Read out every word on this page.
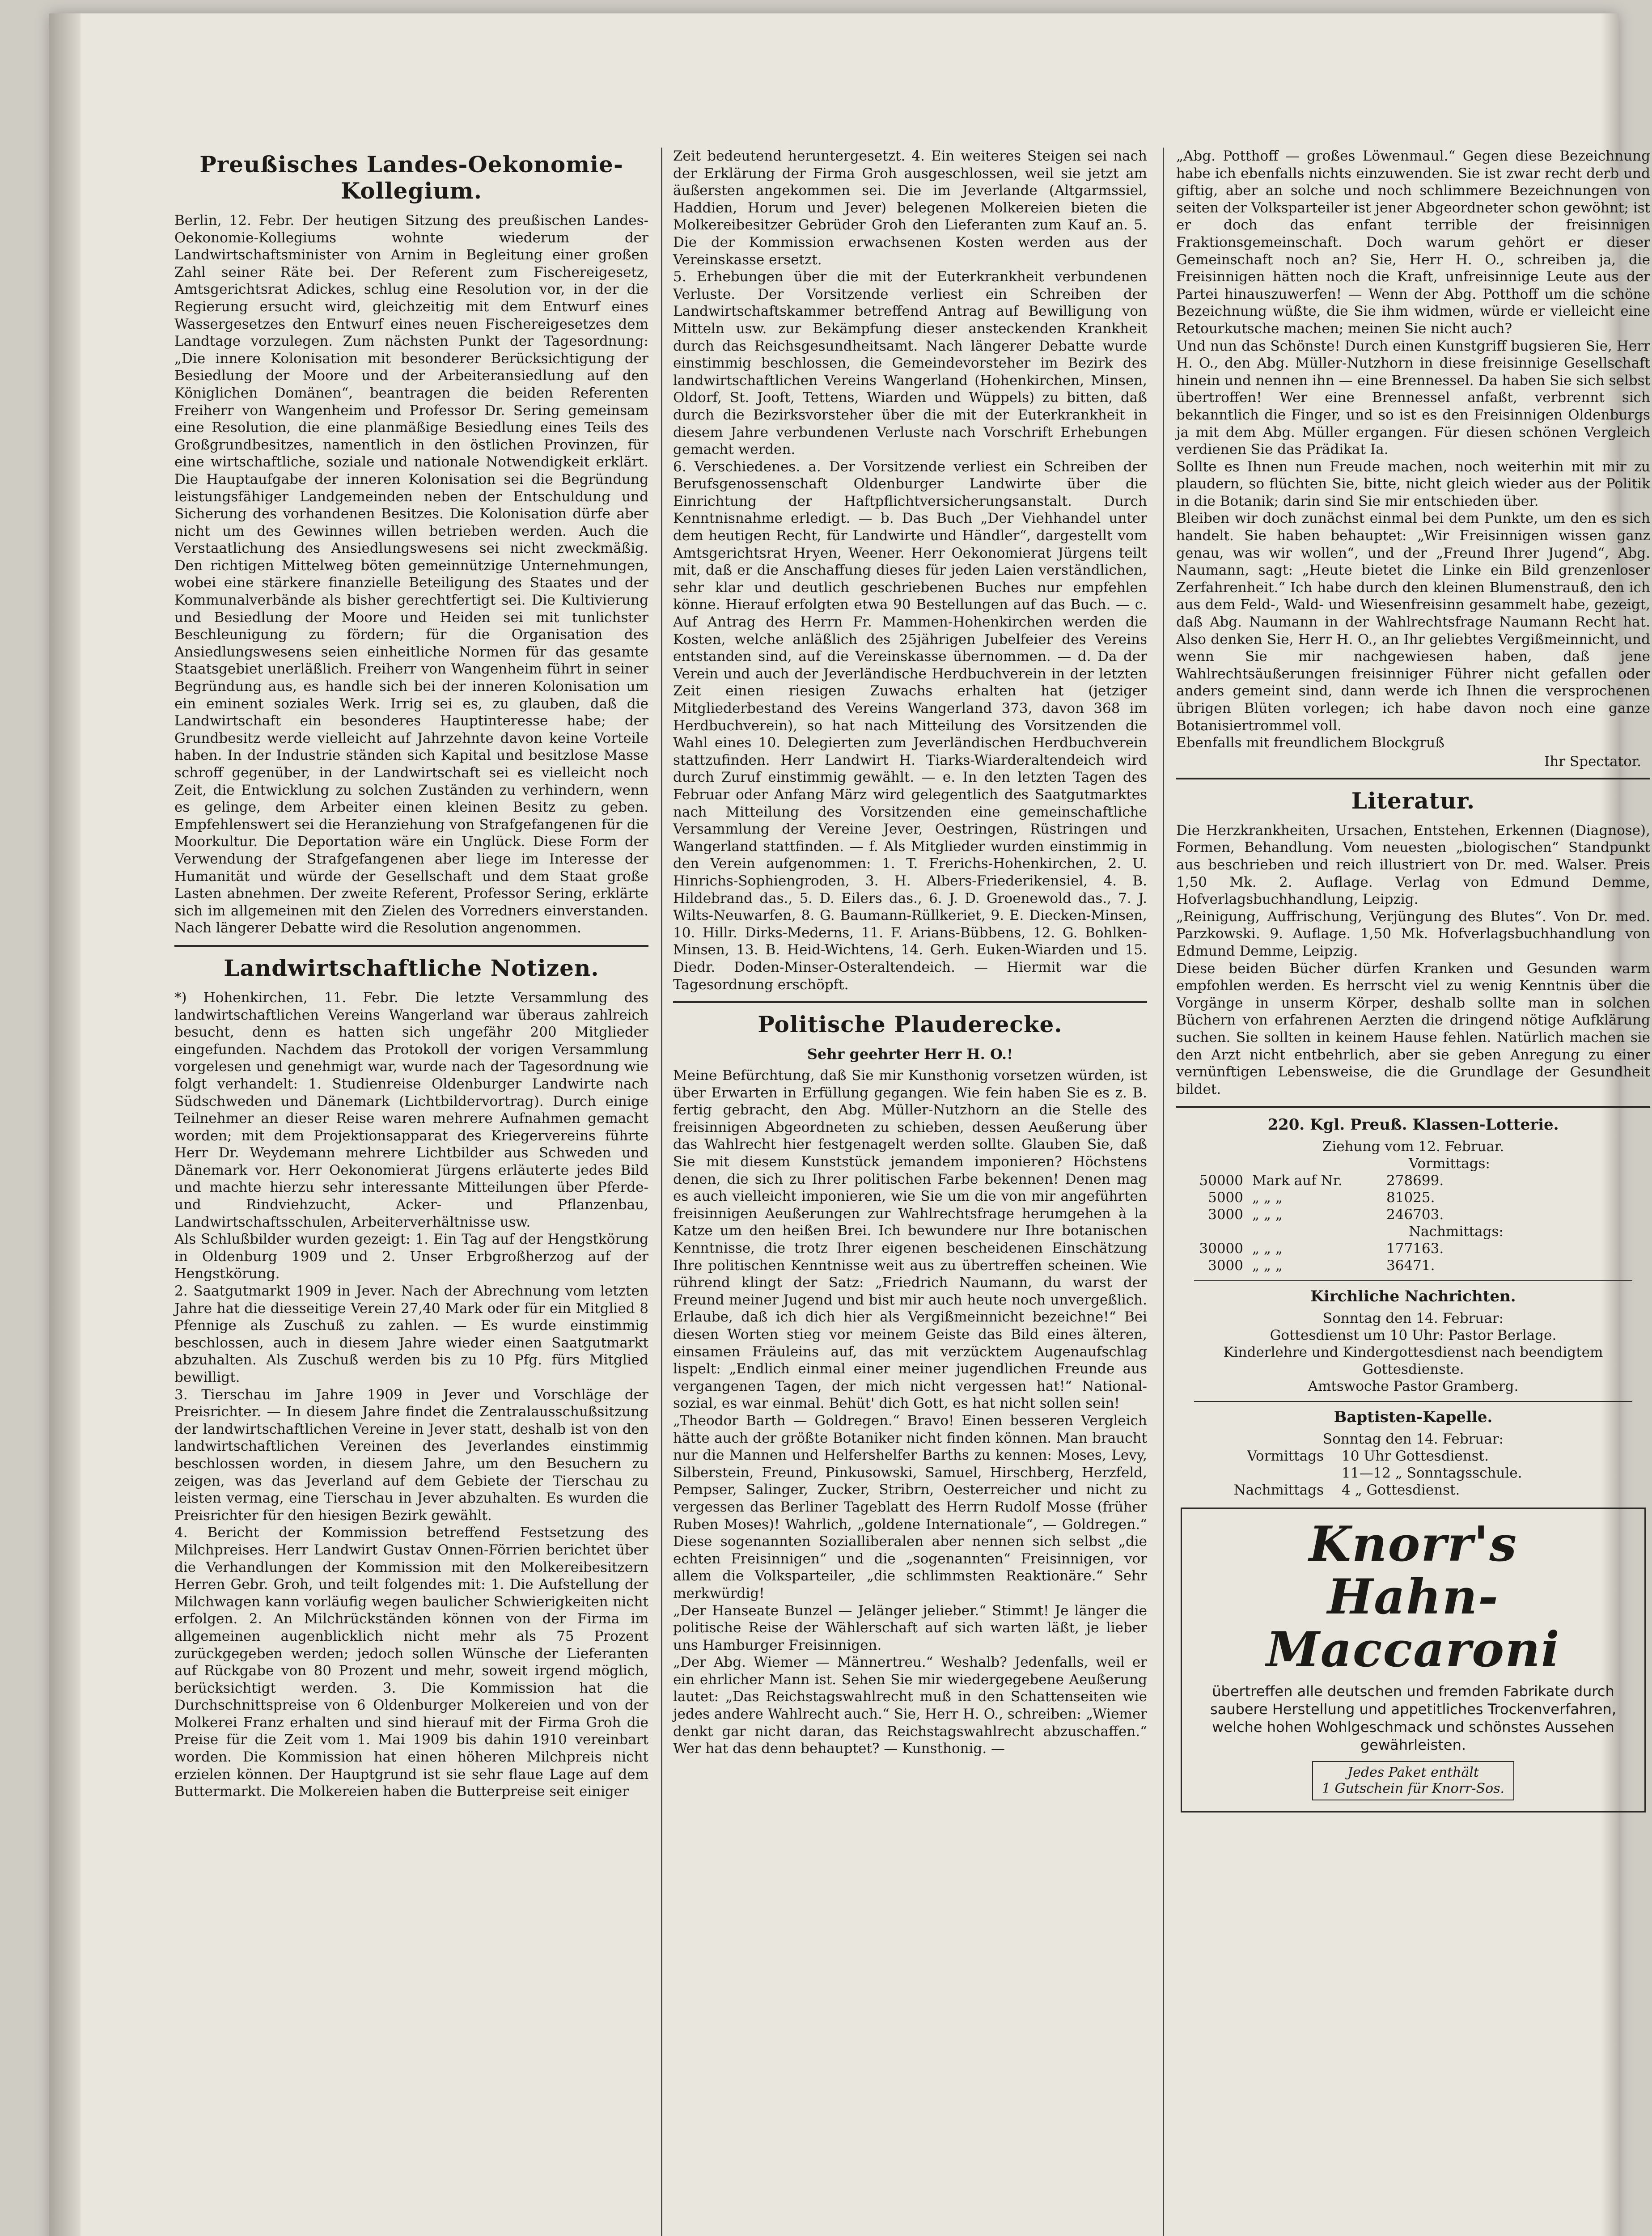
Preußisches Landes-Oekonomie-Kollegium.

Berlin, 12. Febr. Der heutigen Sitzung des preußischen Landes-Oekonomie-Kollegiums wohnte wiederum der Landwirtschaftsminister von Arnim in Begleitung einer großen Zahl seiner Räte bei. Der Referent zum Fischereigesetz, Amtsgerichtsrat Adickes, schlug eine Resolution vor, in der die Regierung ersucht wird, gleichzeitig mit dem Entwurf eines Wassergesetzes den Entwurf eines neuen Fischereigesetzes dem Landtage vorzulegen. Zum nächsten Punkt der Tagesordnung: „Die innere Kolonisation mit besonderer Berücksichtigung der Besiedlung der Moore und der Arbeiteransiedlung auf den Königlichen Domänen“, beantragen die beiden Referenten Freiherr von Wangenheim und Professor Dr. Sering gemeinsam eine Resolution, die eine planmäßige Besiedlung eines Teils des Großgrundbesitzes, namentlich in den östlichen Provinzen, für eine wirtschaftliche, soziale und nationale Notwendigkeit erklärt. Die Hauptaufgabe der inneren Kolonisation sei die Begründung leistungsfähiger Landgemeinden neben der Entschuldung und Sicherung des vorhandenen Besitzes. Die Kolonisation dürfe aber nicht um des Gewinnes willen betrieben werden. Auch die Verstaatlichung des Ansiedlungswesens sei nicht zweckmäßig. Den richtigen Mittelweg böten gemeinnützige Unternehmungen, wobei eine stärkere finanzielle Beteiligung des Staates und der Kommunalverbände als bisher gerechtfertigt sei. Die Kultivierung und Besiedlung der Moore und Heiden sei mit tunlichster Beschleunigung zu fördern; für die Organisation des Ansiedlungswesens seien einheitliche Normen für das gesamte Staatsgebiet unerläßlich. Freiherr von Wangenheim führt in seiner Begründung aus, es handle sich bei der inneren Kolonisation um ein eminent soziales Werk. Irrig sei es, zu glauben, daß die Landwirtschaft ein besonderes Hauptinteresse habe; der Grundbesitz werde vielleicht auf Jahrzehnte davon keine Vorteile haben. In der Industrie ständen sich Kapital und besitzlose Masse schroff gegenüber, in der Landwirtschaft sei es vielleicht noch Zeit, die Entwicklung zu solchen Zuständen zu verhindern, wenn es gelinge, dem Arbeiter einen kleinen Besitz zu geben. Empfehlenswert sei die Heranziehung von Strafgefangenen für die Moorkultur. Die Deportation wäre ein Unglück. Diese Form der Verwendung der Strafgefangenen aber liege im Interesse der Humanität und würde der Gesellschaft und dem Staat große Lasten abnehmen. Der zweite Referent, Professor Sering, erklärte sich im allgemeinen mit den Zielen des Vorredners einverstanden. Nach längerer Debatte wird die Resolution angenommen.

Landwirtschaftliche Notizen.

*) Hohenkirchen, 11. Febr. Die letzte Versammlung des landwirtschaftlichen Vereins Wangerland war überaus zahlreich besucht, denn es hatten sich ungefähr 200 Mitglieder eingefunden. Nachdem das Protokoll der vorigen Versammlung vorgelesen und genehmigt war, wurde nach der Tagesordnung wie folgt verhandelt: 1. Studienreise Oldenburger Landwirte nach Südschweden und Dänemark (Lichtbildervortrag). Durch einige Teilnehmer an dieser Reise waren mehrere Aufnahmen gemacht worden; mit dem Projektionsapparat des Kriegervereins führte Herr Dr. Weydemann mehrere Lichtbilder aus Schweden und Dänemark vor. Herr Oekonomierat Jürgens erläuterte jedes Bild und machte hierzu sehr interessante Mitteilungen über Pferde- und Rindviehzucht, Acker- und Pflanzenbau, Landwirtschaftsschulen, Arbeiterverhältnisse usw.
Als Schlußbilder wurden gezeigt: 1. Ein Tag auf der Hengstkörung in Oldenburg 1909 und 2. Unser Erbgroßherzog auf der Hengstkörung.
2. Saatgutmarkt 1909 in Jever. Nach der Abrechnung vom letzten Jahre hat die diesseitige Verein 27,40 Mark oder für ein Mitglied 8 Pfennige als Zuschuß zu zahlen. — Es wurde einstimmig beschlossen, auch in diesem Jahre wieder einen Saatgutmarkt abzuhalten. Als Zuschuß werden bis zu 10 Pfg. fürs Mitglied bewilligt.
3. Tierschau im Jahre 1909 in Jever und Vorschläge der Preisrichter. — In diesem Jahre findet die Zentralausschußsitzung der landwirtschaftlichen Vereine in Jever statt, deshalb ist von den landwirtschaftlichen Vereinen des Jeverlandes einstimmig beschlossen worden, in diesem Jahre, um den Besuchern zu zeigen, was das Jeverland auf dem Gebiete der Tierschau zu leisten vermag, eine Tierschau in Jever abzuhalten. Es wurden die Preisrichter für den hiesigen Bezirk gewählt.
4. Bericht der Kommission betreffend Festsetzung des Milchpreises. Herr Landwirt Gustav Onnen-Förrien berichtet über die Verhandlungen der Kommission mit den Molkereibesitzern Herren Gebr. Groh, und teilt folgendes mit: 1. Die Aufstellung der Milchwagen kann vorläufig wegen baulicher Schwierigkeiten nicht erfolgen. 2. An Milchrückständen können von der Firma im allgemeinen augenblicklich nicht mehr als 75 Prozent zurückgegeben werden; jedoch sollen Wünsche der Lieferanten auf Rückgabe von 80 Prozent und mehr, soweit irgend möglich, berücksichtigt werden. 3. Die Kommission hat die Durchschnittspreise von 6 Oldenburger Molkereien und von der Molkerei Franz erhalten und sind hierauf mit der Firma Groh die Preise für die Zeit vom 1. Mai 1909 bis dahin 1910 vereinbart worden. Die Kommission hat einen höheren Milchpreis nicht erzielen können. Der Hauptgrund ist sie sehr flaue Lage auf dem Buttermarkt. Die Molkereien haben die Butterpreise seit einiger

Zeit bedeutend heruntergesetzt. 4. Ein weiteres Steigen sei nach der Erklärung der Firma Groh ausgeschlossen, weil sie jetzt am äußersten angekommen sei. Die im Jeverlande (Altgarmssiel, Haddien, Horum und Jever) belegenen Molkereien bieten die Molkereibesitzer Gebrüder Groh den Lieferanten zum Kauf an. 5. Die der Kommission erwachsenen Kosten werden aus der Vereinskasse ersetzt.
5. Erhebungen über die mit der Euterkrankheit verbundenen Verluste. Der Vorsitzende verliest ein Schreiben der Landwirtschaftskammer betreffend Antrag auf Bewilligung von Mitteln usw. zur Bekämpfung dieser ansteckenden Krankheit durch das Reichsgesundheitsamt. Nach längerer Debatte wurde einstimmig beschlossen, die Gemeindevorsteher im Bezirk des landwirtschaftlichen Vereins Wangerland (Hohenkirchen, Minsen, Oldorf, St. Jooft, Tettens, Wiarden und Wüppels) zu bitten, daß durch die Bezirksvorsteher über die mit der Euterkrankheit in diesem Jahre verbundenen Verluste nach Vorschrift Erhebungen gemacht werden.
6. Verschiedenes. a. Der Vorsitzende verliest ein Schreiben der Berufsgenossenschaft Oldenburger Landwirte über die Einrichtung der Haftpflichtversicherungsanstalt. Durch Kenntnisnahme erledigt. — b. Das Buch „Der Viehhandel unter dem heutigen Recht, für Landwirte und Händler“, dargestellt vom Amtsgerichtsrat Hryen, Weener. Herr Oekonomierat Jürgens teilt mit, daß er die Anschaffung dieses für jeden Laien verständlichen, sehr klar und deutlich geschriebenen Buches nur empfehlen könne. Hierauf erfolgten etwa 90 Bestellungen auf das Buch. — c. Auf Antrag des Herrn Fr. Mammen-Hohenkirchen werden die Kosten, welche anläßlich des 25jährigen Jubelfeier des Vereins entstanden sind, auf die Vereinskasse übernommen. — d. Da der Verein und auch der Jeverländische Herdbuchverein in der letzten Zeit einen riesigen Zuwachs erhalten hat (jetziger Mitgliederbestand des Vereins Wangerland 373, davon 368 im Herdbuchverein), so hat nach Mitteilung des Vorsitzenden die Wahl eines 10. Delegierten zum Jeverländischen Herdbuchverein stattzufinden. Herr Landwirt H. Tiarks-Wiarderaltendeich wird durch Zuruf einstimmig gewählt. — e. In den letzten Tagen des Februar oder Anfang März wird gelegentlich des Saatgutmarktes nach Mitteilung des Vorsitzenden eine gemeinschaftliche Versammlung der Vereine Jever, Oestringen, Rüstringen und Wangerland stattfinden. — f. Als Mitglieder wurden einstimmig in den Verein aufgenommen: 1. T. Frerichs-Hohenkirchen, 2. U. Hinrichs-Sophiengroden, 3. H. Albers-Friederikensiel, 4. B. Hildebrand das., 5. D. Eilers das., 6. J. D. Groenewold das., 7. J. Wilts-Neuwarfen, 8. G. Baumann-Rüllkeriet, 9. E. Diecken-Minsen, 10. Hillr. Dirks-Mederns, 11. F. Arians-Bübbens, 12. G. Bohlken-Minsen, 13. B. Heid-Wichtens, 14. Gerh. Euken-Wiarden und 15. Diedr. Doden-Minser-Osteraltendeich. — Hiermit war die Tagesordnung erschöpft.

Politische Plauderecke.
Sehr geehrter Herr H. O.!

Meine Befürchtung, daß Sie mir Kunsthonig vorsetzen würden, ist über Erwarten in Erfüllung gegangen. Wie fein haben Sie es z. B. fertig gebracht, den Abg. Müller-Nutzhorn an die Stelle des freisinnigen Abgeordneten zu schieben, dessen Aeußerung über das Wahlrecht hier festgenagelt werden sollte. Glauben Sie, daß Sie mit diesem Kunststück jemandem imponieren? Höchstens denen, die sich zu Ihrer politischen Farbe bekennen! Denen mag es auch vielleicht imponieren, wie Sie um die von mir angeführten freisinnigen Aeußerungen zur Wahlrechtsfrage herumgehen à la Katze um den heißen Brei. Ich bewundere nur Ihre botanischen Kenntnisse, die trotz Ihrer eigenen bescheidenen Einschätzung Ihre politischen Kenntnisse weit aus zu übertreffen scheinen. Wie rührend klingt der Satz: „Friedrich Naumann, du warst der Freund meiner Jugend und bist mir auch heute noch unvergeßlich. Erlaube, daß ich dich hier als Vergißmeinnicht bezeichne!“ Bei diesen Worten stieg vor meinem Geiste das Bild eines älteren, einsamen Fräuleins auf, das mit verzücktem Augenaufschlag lispelt: „Endlich einmal einer meiner jugendlichen Freunde aus vergangenen Tagen, der mich nicht vergessen hat!“ National-sozial, es war einmal. Behüt' dich Gott, es hat nicht sollen sein!
„Theodor Barth — Goldregen.“ Bravo! Einen besseren Vergleich hätte auch der größte Botaniker nicht finden können. Man braucht nur die Mannen und Helfershelfer Barths zu kennen: Moses, Levy, Silberstein, Freund, Pinkusowski, Samuel, Hirschberg, Herzfeld, Pempser, Salinger, Zucker, Stribrn, Oesterreicher und nicht zu vergessen das Berliner Tageblatt des Herrn Rudolf Mosse (früher Ruben Moses)! Wahrlich, „goldene Internationale“, — Goldregen.“ Diese sogenannten Sozialliberalen aber nennen sich selbst „die echten Freisinnigen“ und die „sogenannten“ Freisinnigen, vor allem die Volksparteiler, „die schlimmsten Reaktionäre.“ Sehr merkwürdig!
„Der Hanseate Bunzel — Jelänger jelieber.“ Stimmt! Je länger die politische Reise der Wählerschaft auf sich warten läßt, je lieber uns Hamburger Freisinnigen.
„Der Abg. Wiemer — Männertreu.“ Weshalb? Jedenfalls, weil er ein ehrlicher Mann ist. Sehen Sie mir wiedergegebene Aeußerung lautet: „Das Reichstagswahlrecht muß in den Schattenseiten wie jedes andere Wahlrecht auch.“ Sie, Herr H. O., schreiben: „Wiemer denkt gar nicht daran, das Reichstagswahlrecht abzuschaffen.“ Wer hat das denn behauptet? — Kunsthonig. —

„Abg. Potthoff — großes Löwenmaul.“ Gegen diese Bezeichnung habe ich ebenfalls nichts einzuwenden. Sie ist zwar recht derb und giftig, aber an solche und noch schlimmere Bezeichnungen von seiten der Volksparteiler ist jener Abgeordneter schon gewöhnt; ist er doch das enfant terrible der freisinnigen Fraktionsgemeinschaft. Doch warum gehört er dieser Gemeinschaft noch an? Sie, Herr H. O., schreiben ja, die Freisinnigen hätten noch die Kraft, unfreisinnige Leute aus der Partei hinauszuwerfen! — Wenn der Abg. Potthoff um die schöne Bezeichnung wüßte, die Sie ihm widmen, würde er vielleicht eine Retourkutsche machen; meinen Sie nicht auch?
Und nun das Schönste! Durch einen Kunstgriff bugsieren Sie, Herr H. O., den Abg. Müller-Nutzhorn in diese freisinnige Gesellschaft hinein und nennen ihn — eine Brennessel. Da haben Sie sich selbst übertroffen! Wer eine Brennessel anfaßt, verbrennt sich bekanntlich die Finger, und so ist es den Freisinnigen Oldenburgs ja mit dem Abg. Müller ergangen. Für diesen schönen Vergleich verdienen Sie das Prädikat Ia.
Sollte es Ihnen nun Freude machen, noch weiterhin mit mir zu plaudern, so flüchten Sie, bitte, nicht gleich wieder aus der Politik in die Botanik; darin sind Sie mir entschieden über.
Bleiben wir doch zunächst einmal bei dem Punkte, um den es sich handelt. Sie haben behauptet: „Wir Freisinnigen wissen ganz genau, was wir wollen“, und der „Freund Ihrer Jugend“, Abg. Naumann, sagt: „Heute bietet die Linke ein Bild grenzenloser Zerfahrenheit.“ Ich habe durch den kleinen Blumenstrauß, den ich aus dem Feld-, Wald- und Wiesenfreisinn gesammelt habe, gezeigt, daß Abg. Naumann in der Wahlrechtsfrage Naumann Recht hat. Also denken Sie, Herr H. O., an Ihr geliebtes Vergißmeinnicht, und wenn Sie mir nachgewiesen haben, daß jene Wahlrechtsäußerungen freisinniger Führer nicht gefallen oder anders gemeint sind, dann werde ich Ihnen die versprochenen übrigen Blüten vorlegen; ich habe davon noch eine ganze Botanisiertrommel voll.
Ebenfalls mit freundlichem Blockgruß

Ihr Spectator.
Literatur.

Die Herzkrankheiten, Ursachen, Entstehen, Erkennen (Diagnose), Formen, Behandlung. Vom neuesten „biologischen“ Standpunkt aus beschrieben und reich illustriert von Dr. med. Walser. Preis 1,50 Mk. 2. Auflage. Verlag von Edmund Demme, Hofverlagsbuchhandlung, Leipzig.
„Reinigung, Auffrischung, Verjüngung des Blutes“. Von Dr. med. Parzkowski. 9. Auflage. 1,50 Mk. Hofverlagsbuchhandlung von Edmund Demme, Leipzig.
Diese beiden Bücher dürfen Kranken und Gesunden warm empfohlen werden. Es herrscht viel zu wenig Kenntnis über die Vorgänge in unserm Körper, deshalb sollte man in solchen Büchern von erfahrenen Aerzten die dringend nötige Aufklärung suchen. Sie sollten in keinem Hause fehlen. Natürlich machen sie den Arzt nicht entbehrlich, aber sie geben Anregung zu einer vernünftigen Lebensweise, die die Grundlage der Gesundheit bildet.

220. Kgl. Preuß. Klassen-Lotterie.
Ziehung vom 12. Februar.
Vormittags:
50000 Mark auf Nr.	278699.
5000 „ „ „	81025.
3000 „ „ „	246703.
Nachmittags:
30000 „ „ „	177163.
3000 „ „ „	36471.
Kirchliche Nachrichten.
Sonntag den 14. Februar:
Gottesdienst um 10 Uhr: Pastor Berlage.
Kinderlehre und Kindergottesdienst nach beendigtem Gottesdienste.
Amtswoche Pastor Gramberg.
Baptisten-Kapelle.
Sonntag den 14. Februar:
Vormittags	10 Uhr Gottesdienst.
11—12 „ Sonntagsschule.
Nachmittags	4 „ Gottesdienst.
Knorr's
Hahn-
Maccaroni
übertreffen alle deutschen und fremden Fabrikate durch saubere Herstellung und appetitliches Trockenverfahren, welche hohen Wohlgeschmack und schönstes Aussehen gewährleisten.
Jedes Paket enthält
1 Gutschein für Knorr-Sos.
